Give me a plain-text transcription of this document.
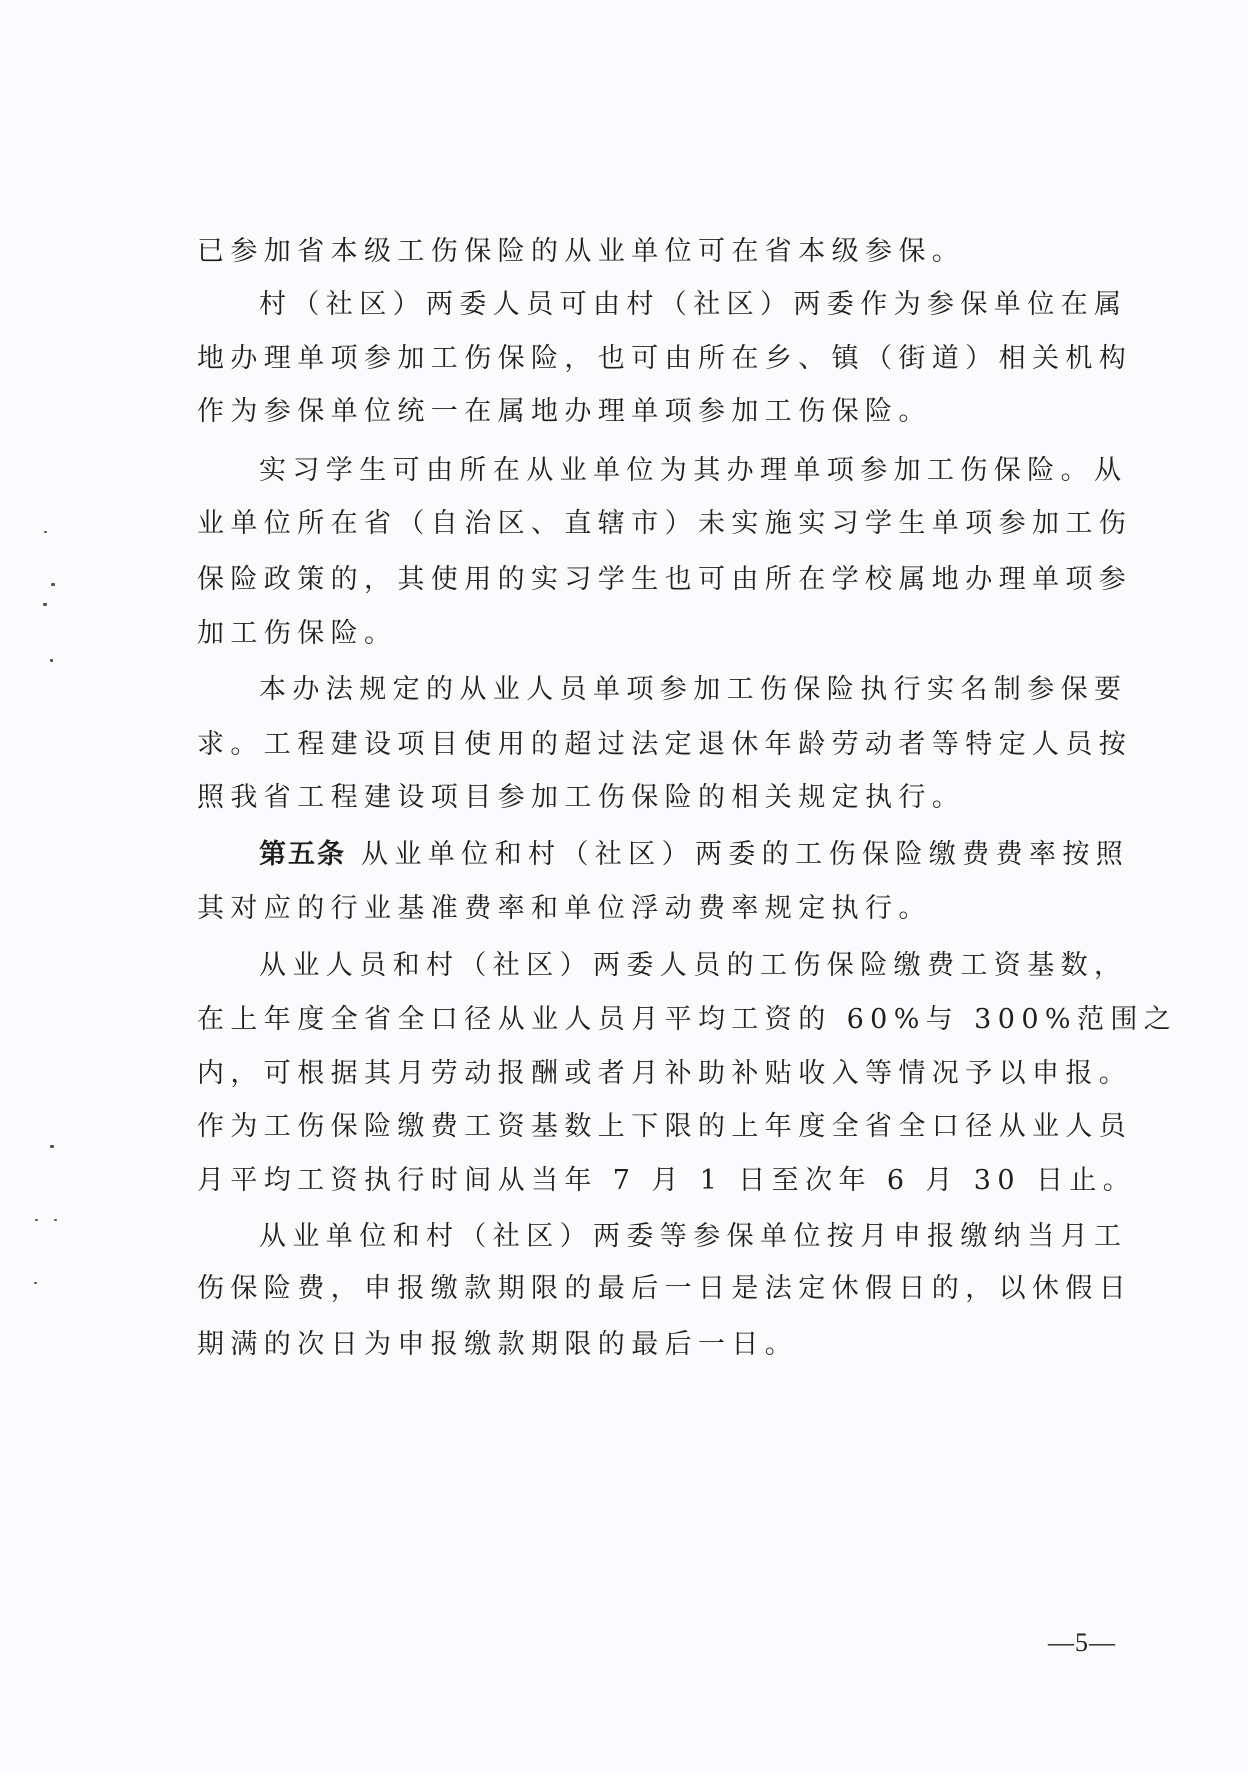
已参加省本级工伤保险的从业单位可在省本级参保。
村（社区）两委人员可由村（社区）两委作为参保单位在属
地办理单项参加工伤保险，也可由所在乡、镇（街道）相关机构
作为参保单位统一在属地办理单项参加工伤保险。
实习学生可由所在从业单位为其办理单项参加工伤保险。从
业单位所在省（自治区、直辖市）未实施实习学生单项参加工伤
保险政策的，其使用的实习学生也可由所在学校属地办理单项参
加工伤保险。
本办法规定的从业人员单项参加工伤保险执行实名制参保要
求。工程建设项目使用的超过法定退休年龄劳动者等特定人员按
照我省工程建设项目参加工伤保险的相关规定执行。
第五条 从业单位和村（社区）两委的工伤保险缴费费率按照
其对应的行业基准费率和单位浮动费率规定执行。
从业人员和村（社区）两委人员的工伤保险缴费工资基数，
在上年度全省全口径从业人员月平均工资的 60%与 300%范围之
内，可根据其月劳动报酬或者月补助补贴收入等情况予以申报。
作为工伤保险缴费工资基数上下限的上年度全省全口径从业人员
月平均工资执行时间从当年 7 月 1 日至次年 6 月 30 日止。
从业单位和村（社区）两委等参保单位按月申报缴纳当月工
伤保险费，申报缴款期限的最后一日是法定休假日的，以休假日
期满的次日为申报缴款期限的最后一日。
—5—
